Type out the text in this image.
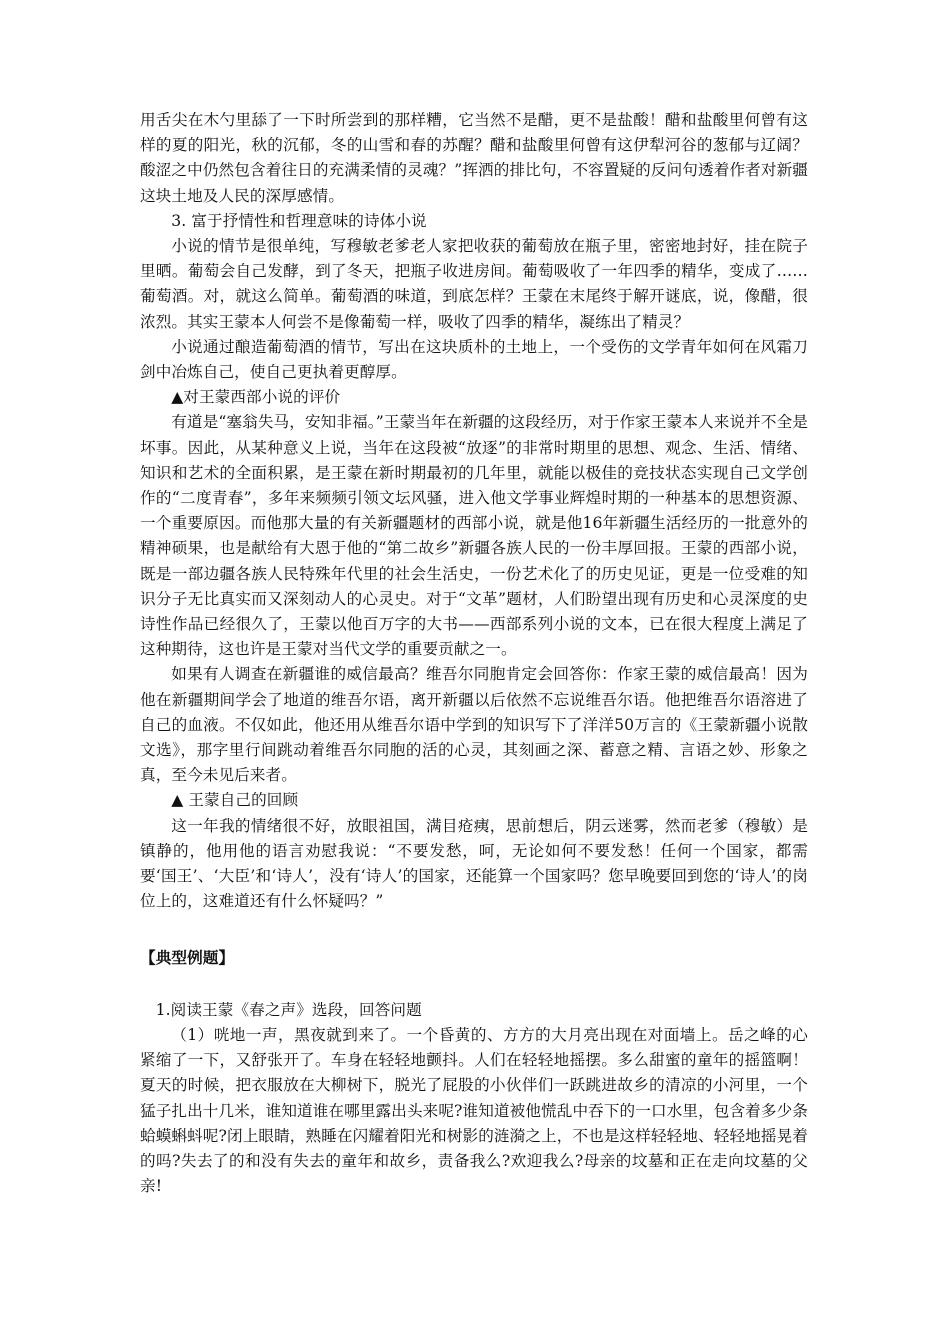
用舌尖在木勺里舔了一下时所尝到的那样糟，它当然不是醋，更不是盐酸！醋和盐酸里何曾有这样的夏的阳光，秋的沉郁，冬的山雪和春的苏醒？醋和盐酸里何曾有这伊犁河谷的葱郁与辽阔？酸涩之中仍然包含着往日的充满柔情的灵魂？”挥洒的排比句，不容置疑的反问句透着作者对新疆这块土地及人民的深厚感情。

3. 富于抒情性和哲理意味的诗体小说

小说的情节是很单纯，写穆敏老爹老人家把收获的葡萄放在瓶子里，密密地封好，挂在院子里晒。葡萄会自己发酵，到了冬天，把瓶子收进房间。葡萄吸收了一年四季的精华，变成了……葡萄酒。对，就这么简单。葡萄酒的味道，到底怎样？王蒙在末尾终于解开谜底，说，像醋，很浓烈。其实王蒙本人何尝不是像葡萄一样，吸收了四季的精华，凝练出了精灵？

小说通过酿造葡萄酒的情节，写出在这块质朴的土地上，一个受伤的文学青年如何在风霜刀剑中冶炼自己，使自己更执着更醇厚。

▲对王蒙西部小说的评价

有道是“塞翁失马，安知非福。”王蒙当年在新疆的这段经历，对于作家王蒙本人来说并不全是坏事。因此，从某种意义上说，当年在这段被“放逐”的非常时期里的思想、观念、生活、情绪、知识和艺术的全面积累，是王蒙在新时期最初的几年里，就能以极佳的竞技状态实现自己文学创作的“二度青春”，多年来频频引领文坛风骚，进入他文学事业辉煌时期的一种基本的思想资源、一个重要原因。而他那大量的有关新疆题材的西部小说，就是他16年新疆生活经历的一批意外的精神硕果，也是献给有大恩于他的“第二故乡”新疆各族人民的一份丰厚回报。王蒙的西部小说，既是一部边疆各族人民特殊年代里的社会生活史，一份艺术化了的历史见证，更是一位受难的知识分子无比真实而又深刻动人的心灵史。对于“文革”题材，人们盼望出现有历史和心灵深度的史诗性作品已经很久了，王蒙以他百万字的大书——西部系列小说的文本，已在很大程度上满足了这种期待，这也许是王蒙对当代文学的重要贡献之一。

如果有人调查在新疆谁的威信最高？维吾尔同胞肯定会回答你：作家王蒙的威信最高！因为他在新疆期间学会了地道的维吾尔语，离开新疆以后依然不忘说维吾尔语。他把维吾尔语溶进了自己的血液。不仅如此，他还用从维吾尔语中学到的知识写下了洋洋50万言的《王蒙新疆小说散文选》，那字里行间跳动着维吾尔同胞的活的心灵，其刻画之深、蓄意之精、言语之妙、形象之真，至今未见后来者。

▲ 王蒙自己的回顾

这一年我的情绪很不好，放眼祖国，满目疮痍，思前想后，阴云迷雾，然而老爹（穆敏）是镇静的，他用他的语言劝慰我说：“不要发愁，呵，无论如何不要发愁！任何一个国家，都需要‘国王’、‘大臣’和‘诗人’，没有‘诗人’的国家，还能算一个国家吗？您早晚要回到您的‘诗人’的岗位上的，这难道还有什么怀疑吗？”

【典型例题】

1.阅读王蒙《春之声》选段，回答问题

（1）咣地一声，黑夜就到来了。一个昏黄的、方方的大月亮出现在对面墙上。岳之峰的心紧缩了一下，又舒张开了。车身在轻轻地颤抖。人们在轻轻地摇摆。多么甜蜜的童年的摇篮啊！夏天的时候，把衣服放在大柳树下，脱光了屁股的小伙伴们一跃跳进故乡的清凉的小河里，一个猛子扎出十几米，谁知道谁在哪里露出头来呢?谁知道被他慌乱中吞下的一口水里，包含着多少条蛤蟆蝌蚪呢?闭上眼睛，熟睡在闪耀着阳光和树影的涟漪之上，不也是这样轻轻地、轻轻地摇晃着的吗?失去了的和没有失去的童年和故乡，责备我么?欢迎我么?母亲的坟墓和正在走向坟墓的父亲!
